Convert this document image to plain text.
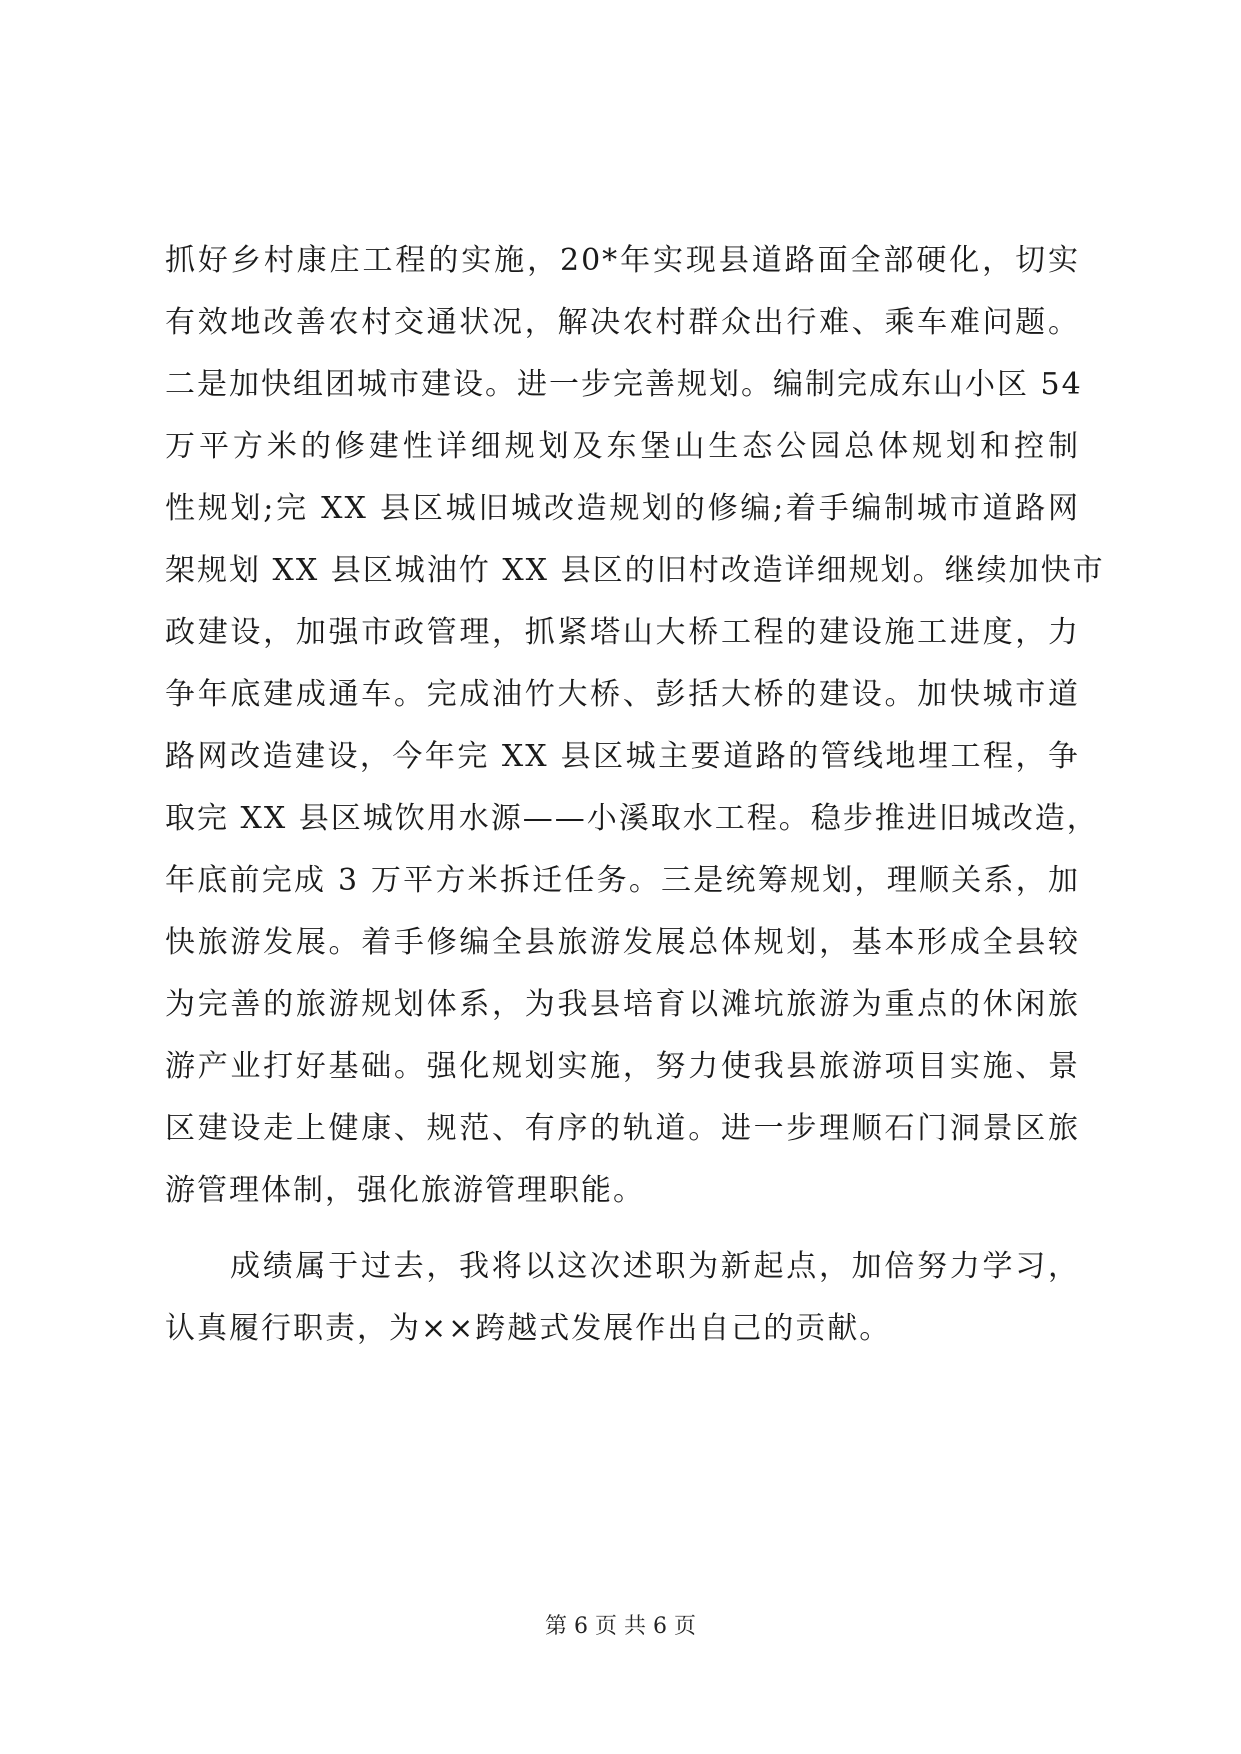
抓好乡村康庄工程的实施，20*年实现县道路面全部硬化，切实
有效地改善农村交通状况，解决农村群众出行难、乘车难问题。
二是加快组团城市建设。进一步完善规划。编制完成东山小区 54
万平方米的修建性详细规划及东堡山生态公园总体规划和控制
性规划;完 XX 县区城旧城改造规划的修编;着手编制城市道路网
架规划 XX 县区城油竹 XX 县区的旧村改造详细规划。继续加快市
政建设，加强市政管理，抓紧塔山大桥工程的建设施工进度，力
争年底建成通车。完成油竹大桥、彭括大桥的建设。加快城市道
路网改造建设，今年完 XX 县区城主要道路的管线地埋工程，争
取完 XX 县区城饮用水源——小溪取水工程。稳步推进旧城改造，
年底前完成 3 万平方米拆迁任务。三是统筹规划，理顺关系，加
快旅游发展。着手修编全县旅游发展总体规划，基本形成全县较
为完善的旅游规划体系，为我县培育以滩坑旅游为重点的休闲旅
游产业打好基础。强化规划实施，努力使我县旅游项目实施、景
区建设走上健康、规范、有序的轨道。进一步理顺石门洞景区旅
游管理体制，强化旅游管理职能。
成绩属于过去，我将以这次述职为新起点，加倍努力学习，
认真履行职责，为××跨越式发展作出自己的贡献。
第 6 页 共 6 页
